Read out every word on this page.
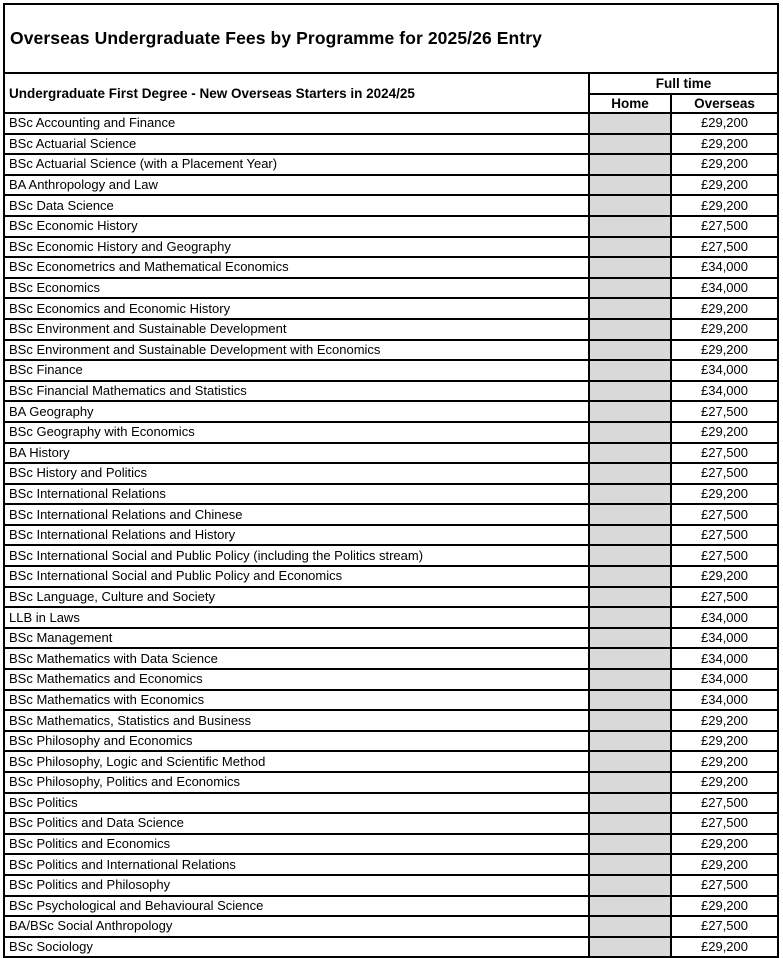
Overseas Undergraduate Fees by Programme for 2025/26 Entry		
Undergraduate First Degree - New Overseas Starters in 2024/25	Full time	
	Home	Overseas
BSc Accounting and Finance		£29,200
BSc Actuarial Science		£29,200
BSc Actuarial Science (with a Placement Year)		£29,200
BA Anthropology and Law		£29,200
BSc Data Science		£29,200
BSc Economic History		£27,500
BSc Economic History and Geography		£27,500
BSc Econometrics and Mathematical Economics		£34,000
BSc Economics		£34,000
BSc Economics and Economic History		£29,200
BSc Environment and Sustainable Development		£29,200
BSc Environment and Sustainable Development with Economics		£29,200
BSc Finance		£34,000
BSc Financial Mathematics and Statistics		£34,000
BA Geography		£27,500
BSc Geography with Economics		£29,200
BA History		£27,500
BSc History and Politics		£27,500
BSc International Relations		£29,200
BSc International Relations and Chinese		£27,500
BSc International Relations and History		£27,500
BSc International Social and Public Policy (including the Politics stream)		£27,500
BSc International Social and Public Policy and Economics		£29,200
BSc Language, Culture and Society		£27,500
LLB in Laws		£34,000
BSc Management		£34,000
BSc Mathematics with Data Science		£34,000
BSc Mathematics and Economics		£34,000
BSc Mathematics with Economics		£34,000
BSc Mathematics, Statistics and Business		£29,200
BSc Philosophy and Economics		£29,200
BSc Philosophy, Logic and Scientific Method		£29,200
BSc Philosophy, Politics and Economics		£29,200
BSc Politics		£27,500
BSc Politics and Data Science		£27,500
BSc Politics and Economics		£29,200
BSc Politics and International Relations		£29,200
BSc Politics and Philosophy		£27,500
BSc Psychological and Behavioural Science		£29,200
BA/BSc Social Anthropology		£27,500
BSc Sociology		£29,200
